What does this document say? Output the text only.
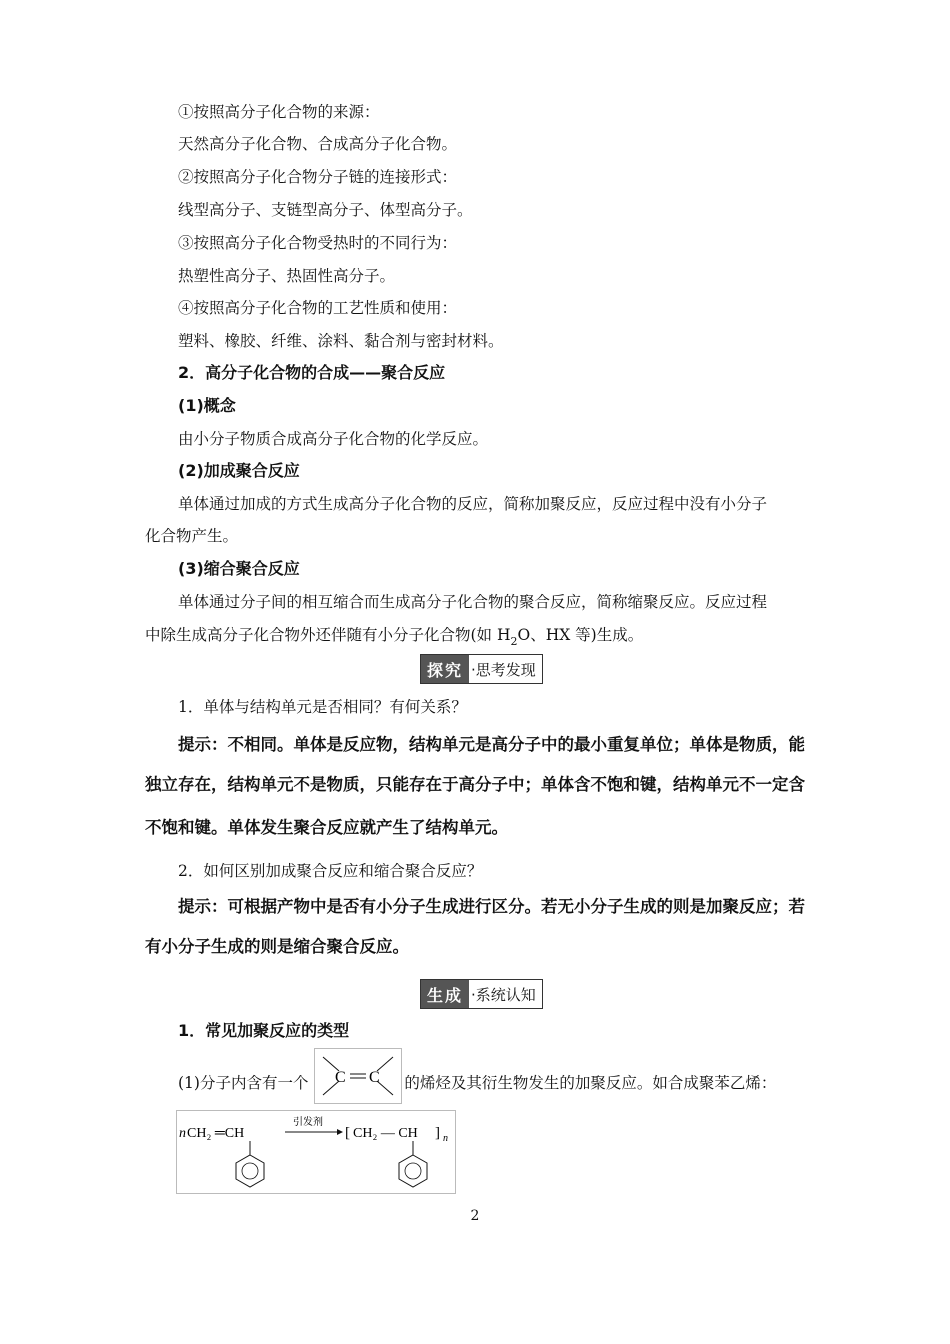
①按照高分子化合物的来源：
天然高分子化合物、合成高分子化合物。
②按照高分子化合物分子链的连接形式：
线型高分子、支链型高分子、体型高分子。
③按照高分子化合物受热时的不同行为：
热塑性高分子、热固性高分子。
④按照高分子化合物的工艺性质和使用：
塑料、橡胶、纤维、涂料、黏合剂与密封材料。
2．高分子化合物的合成——聚合反应
(1)概念
由小分子物质合成高分子化合物的化学反应。
(2)加成聚合反应
单体通过加成的方式生成高分子化合物的反应，简称加聚反应，反应过程中没有小分子
化合物产生。
(3)缩合聚合反应
单体通过分子间的相互缩合而生成高分子化合物的聚合反应，简称缩聚反应。反应过程
中除生成高分子化合物外还伴随有小分子化合物(如 $H_2O$、HX 等)生成。
探究 ·思考发现
1．单体与结构单元是否相同？有何关系？
提示：不相同。单体是反应物，结构单元是高分子中的最小重复单位；单体是物质，能
独立存在，结构单元不是物质，只能存在于高分子中；单体含不饱和键，结构单元不一定含
不饱和键。单体发生聚合反应就产生了结构单元。
2．如何区别加成聚合反应和缩合聚合反应？
提示：可根据产物中是否有小分子生成进行区分。若无小分子生成的则是加聚反应；若
有小分子生成的则是缩合聚合反应。
生成 ·系统认知
1．常见加聚反应的类型
(1)分子内含有一个	的烯烃及其衍生物发生的加聚反应。如合成聚苯乙烯：
C C
n CH₂ ═CH
引发剂
[ CH₂ — CH ] n
2
